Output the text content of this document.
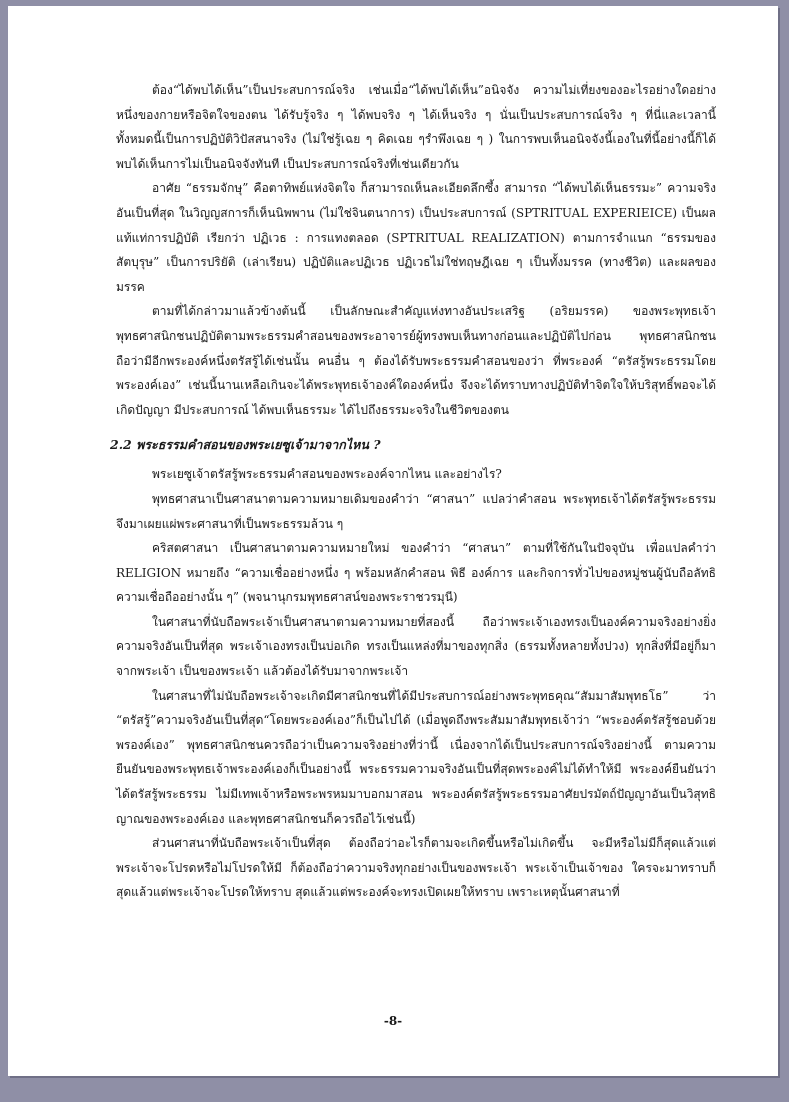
ต้อง“ได้พบได้เห็น”เป็นประสบการณ์จริง เช่นเมื่อ“ได้พบได้เห็น”อนิจจัง ความไม่เที่ยงของอะไรอย่างใดอย่างหนึ่งของกายหรือจิตใจของตน ได้รับรู้จริง ๆ ได้พบจริง ๆ ได้เห็นจริง ๆ นั่นเป็นประสบการณ์จริง ๆ ที่นี่และเวลานี้ ทั้งหมดนี้เป็นการปฏิบัติวิปัสสนาจริง (ไม่ใช่รู้เฉย ๆ คิดเฉย ๆรำพึงเฉย ๆ ) ในการพบเห็นอนิจจังนี้เองในที่นี้อย่างนี้ก็ได้พบได้เห็นการไม่เป็นอนิจจังทันที เป็นประสบการณ์จริงที่เช่นเดียวกัน

อาศัย “ธรรมจักษุ” คือตาทิพย์แห่งจิตใจ ก็สามารถเห็นละเอียดลึกซึ้ง สามารถ “ได้พบได้เห็นธรรมะ” ความจริงอันเป็นที่สุด ในวิญญสการก็เห็นนิพพาน (ไม่ใช่จินตนาการ) เป็นประสบการณ์ (SPTRITUAL EXPERIEICE) เป็นผลแท้แท่การปฏิบัติ เรียกว่า ปฏิเวธ : การแทงตลอด (SPTRITUAL REALIZATION) ตามการจำแนก “ธรรมของสัตบุรุษ” เป็นการปริยัติ (เล่าเรียน) ปฏิบัติและปฏิเวธ ปฏิเวธไม่ใช่ทฤษฎีเฉย ๆ เป็นทั้งมรรค (ทางชีวิต) และผลของมรรค

ตามที่ได้กล่าวมาแล้วข้างต้นนี้ เป็นลักษณะสำคัญแห่งทางอันประเสริฐ (อริยมรรค) ของพระพุทธเจ้า พุทธศาสนิกชนปฏิบัติตามพระธรรมคำสอนของพระอาจารย์ผู้ทรงพบเห็นทางก่อนและปฏิบัติไปก่อน พุทธศาสนิกชนถือว่ามีอีกพระองค์หนึ่งตรัสรู้ได้เช่นนั้น คนอื่น ๆ ต้องได้รับพระธรรมคำสอนของว่า ที่พระองค์ “ตรัสรู้พระธรรมโดยพระองค์เอง” เช่นนี้นานเหลือเกินจะได้พระพุทธเจ้าองค์ใดองค์หนึ่ง จึงจะได้ทราบทางปฏิบัติทำจิตใจให้บริสุทธิ์พอจะได้เกิดปัญญา มีประสบการณ์ ได้พบเห็นธรรมะ ได้ไปถึงธรรมะจริงในชีวิตของตน

2.2 พระธรรมคำสอนของพระเยซูเจ้ามาจากไหน ?

พระเยซูเจ้าตรัสรู้พระธรรมคำสอนของพระองค์จากไหน และอย่างไร?

พุทธศาสนาเป็นศาสนาตามความหมายเดิมของคำว่า “ศาสนา” แปลว่าคำสอน พระพุทธเจ้าได้ตรัสรู้พระธรรมจึงมาเผยแผ่พระศาสนาที่เป็นพระธรรมล้วน ๆ

คริสตศาสนา เป็นศาสนาตามความหมายใหม่ ของคำว่า “ศาสนา” ตามที่ใช้กันในปัจจุบัน เพื่อแปลคำว่า RELIGION หมายถึง “ความเชื่ออย่างหนึ่ง ๆ พร้อมหลักคำสอน พิธี องค์การ และกิจการทั่วไปของหมู่ชนผู้นับถือลัทธิความเชื่อถืออย่างนั้น ๆ” (พจนานุกรมพุทธศาสน์ของพระราชวรมุนี)

ในศาสนาที่นับถือพระเจ้าเป็นศาสนาตามความหมายที่สองนี้ ถือว่าพระเจ้าเองทรงเป็นองค์ความจริงอย่างยิ่ง ความจริงอันเป็นที่สุด พระเจ้าเองทรงเป็นบ่อเกิด ทรงเป็นแหล่งที่มาของทุกสิ่ง (ธรรมทั้งหลายทั้งปวง) ทุกสิ่งที่มีอยู่ก็มาจากพระเจ้า เป็นของพระเจ้า แล้วต้องได้รับมาจากพระเจ้า

ในศาสนาที่ไม่นับถือพระเจ้าจะเกิดมีศาสนิกชนที่ได้มีประสบการณ์อย่างพระพุทธคุณ“สัมมาสัมพุทธโธ” ว่า “ตรัสรู้”ความจริงอันเป็นที่สุด“โดยพระองค์เอง”ก็เป็นไปได้ (เมื่อพูดถึงพระสัมมาสัมพุทธเจ้าว่า “พระองค์ตรัสรู้ชอบด้วยพรองค์เอง” พุทธศาสนิกชนควรถือว่าเป็นความจริงอย่างที่ว่านี้ เนื่องจากได้เป็นประสบการณ์จริงอย่างนี้ ตามความยืนยันของพระพุทธเจ้าพระองค์เองก็เป็นอย่างนี้ พระธรรมความจริงอันเป็นที่สุดพระองค์ไม่ได้ทำให้มี พระองค์ยืนยันว่าได้ตรัสรู้พระธรรม ไม่มีเทพเจ้าหรือพระพรหมมาบอกมาสอน พระองค์ตรัสรู้พระธรรมอาศัยปรมัตถ์ปัญญาอันเป็นวิสุทธิญาณของพระองค์เอง และพุทธศาสนิกชนก็ควรถือไว้เช่นนี้)

ส่วนศาสนาที่นับถือพระเจ้าเป็นที่สุด ต้องถือว่าอะไรก็ตามจะเกิดขึ้นหรือไม่เกิดขึ้น จะมีหรือไม่มีก็สุดแล้วแต่พระเจ้าจะโปรดหรือไม่โปรดให้มี ก็ต้องถือว่าความจริงทุกอย่างเป็นของพระเจ้า พระเจ้าเป็นเจ้าของ ใครจะมาทราบก็สุดแล้วแต่พระเจ้าจะโปรดให้ทราบ สุดแล้วแต่พระองค์จะทรงเปิดเผยให้ทราบ เพราะเหตุนั้นศาสนาที่

-8-
